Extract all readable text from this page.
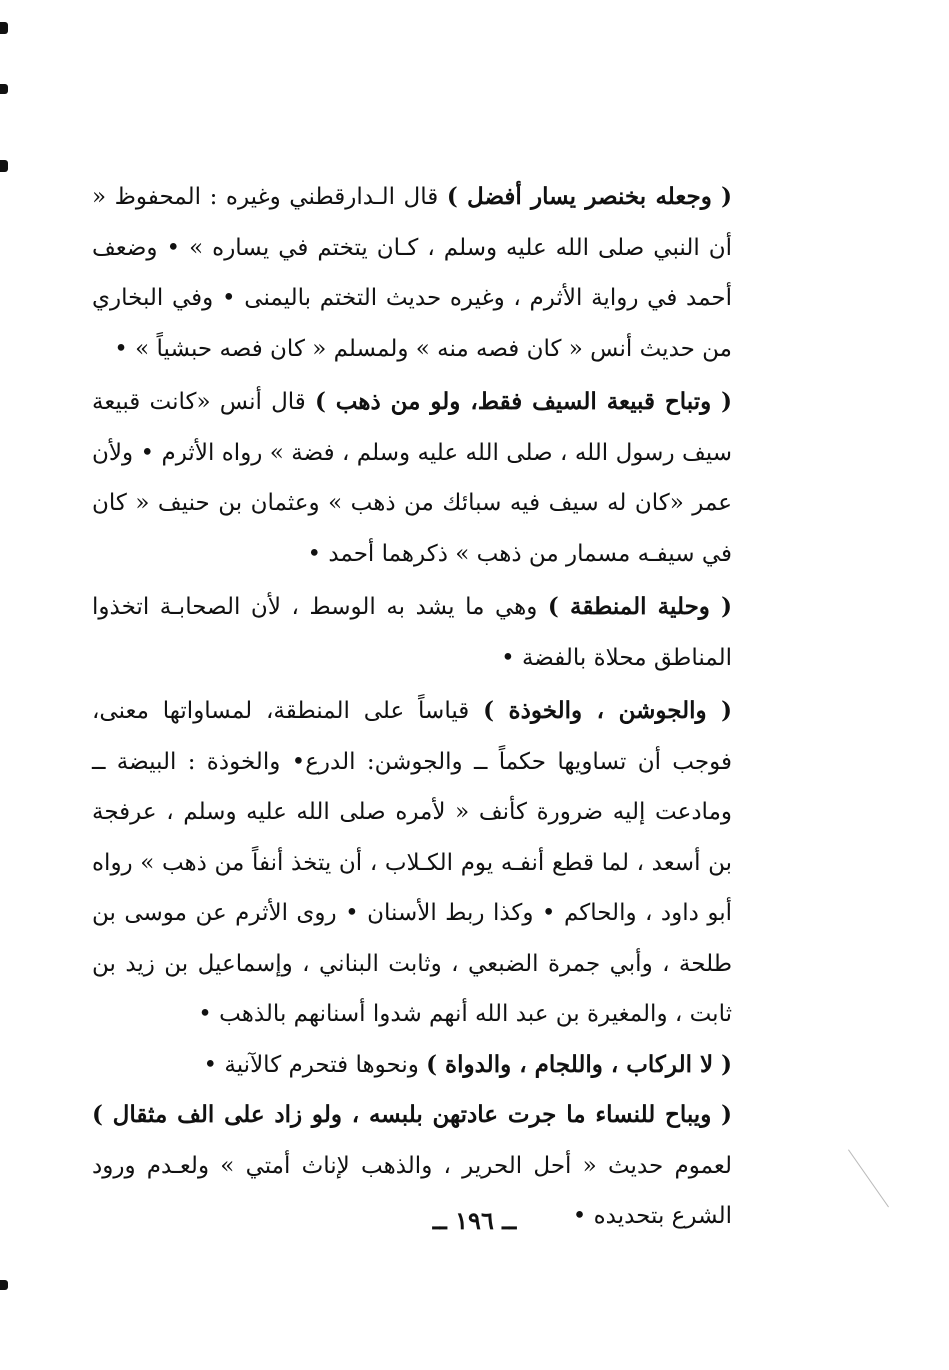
( وجعله بخنصر يسار أفضل ) قال الـدارقطني وغيره : المحفوظ « أن النبي صلى الله عليه وسلم ، كـان يتختم في يساره » • وضعف أحمد في رواية الأثرم ، وغيره حديث التختم باليمنى • وفي البخاري من حديث أنس « كان فصه منه » ولمسلم « كان فصه حبشياً » •

( وتباح قبيعة السيف فقط، ولو من ذهب ) قال أنس «كانت قبيعة سيف رسول الله ، صلى الله عليه وسلم ، فضة » رواه الأثرم • ولأن عمر «كان له سيف فيه سبائك من ذهب » وعثمان بن حنيف « كان في سيفـه مسمار من ذهب » ذكرهما أحمد •

( وحلية المنطقة ) وهي ما يشد به الوسط ، لأن الصحابـة اتخذوا المناطق محلاة بالفضة •

( والجوشن ، والخوذة ) قياساً على المنطقة، لمساواتها معنى، فوجب أن تساويها حكماً ــ والجوشن: الدرع• والخوذة : البيضة ــ ومادعت إليه ضرورة كأنف « لأمره صلى الله عليه وسلم ، عرفجة بن أسعد ، لما قطع أنفـه يوم الكـلاب ، أن يتخذ أنفاً من ذهب » رواه أبو داود ، والحاكم • وكذا ربط الأسنان • روى الأثرم عن موسى بن طلحة ، وأبي جمرة الضبعي ، وثابت البناني ، وإسماعيل بن زيد بن ثابت ، والمغيرة بن عبد الله أنهم شدوا أسنانهم بالذهب •

( لا الركاب ، واللجام ، والدواة ) ونحوها فتحرم كالآنية •

( ويباح للنساء ما جرت عادتهن بلبسه ، ولو زاد على الف مثقال ) لعموم حديث « أحل الحرير ، والذهب لإناث أمتي » ولعـدم ورود الشرع بتحديده •

ــ ١٩٦ ــ
